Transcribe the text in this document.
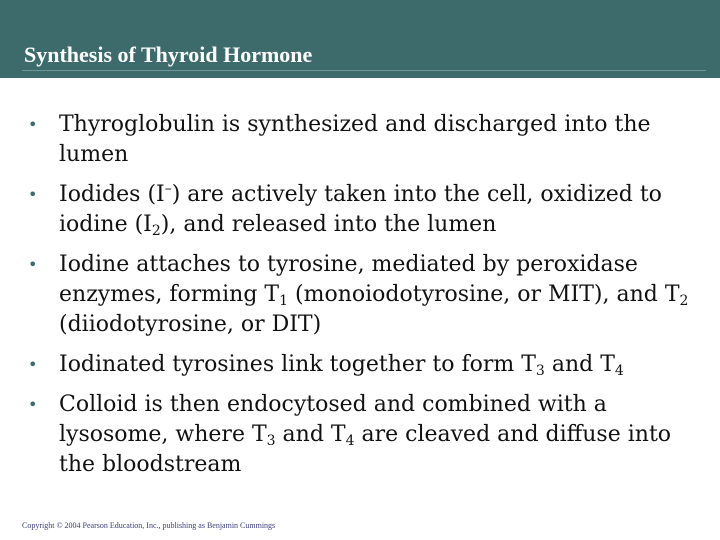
Synthesis of Thyroid Hormone
• Thyroglobulin is synthesized and discharged into the lumen
• Iodides (I–) are actively taken into the cell, oxidized to iodine $(I_2)$, and released into the lumen
• Iodine attaches to tyrosine, mediated by peroxidase enzymes, forming $T_1$ (monoiodotyrosine, or MIT), and $T_2$ (diiodotyrosine, or DIT)
• Iodinated tyrosines link together to form $T_3$ and $T_4$
• Colloid is then endocytosed and combined with a lysosome, where $T_3$ and $T_4$ are cleaved and diffuse into the bloodstream
Copyright © 2004 Pearson Education, Inc., publishing as Benjamin Cummings
